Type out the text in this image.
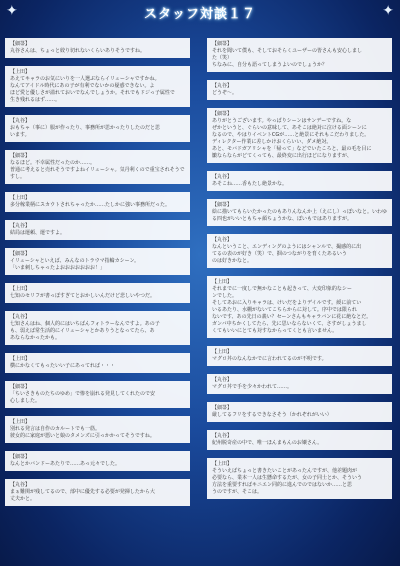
✦	✦
スタッフ対談１７
【細箒】
丸谷さんは、ちょっと絞り切れないくらいありそうですね。
【上田】
あえてキャラのお気にいりを一人選ぶならイリューシャですかね。
なんてアイドル時代にあの子が有利でないかの疑惑できない。よ
ほど愛と優しさが溢れておいでなんでしょうか。それでもドジっ子属性で
生き残れるはず……。
【丸谷】
おもちゃ（事に）服が作ったり、事務所が思かったりしたのだと思
います。
【細箒】
なるほど。不幸属性だったのか……。
普通に考えると売れそうですよねイリューシャ。気丹利くので重宝されそうですし。
【上田】
多分稼業柄にスカウトされちゃったか……たしかに強い事務所だった。
【丸谷】
結局は運頼、運ですよ。
【細箒】
イリューシャといえば、みんなのトラウマ指輪カシーン。
「いま刺しちゃったよおおおおおおお！」
【上田】
七知のセリフが書っぽすぎてとおかしいんだけど悲しいやつだ。
【丸谷】
七知さんはね、個人的にはいちばんフォトラーなんですよ。あの子
も、弱えば常生活的にイリューシャとかありうとなってたら、あ
あならなかったかも。
【上田】
横にかなくてもったいい子にあってれば・・・
【細箒】
「ちいさきものたちのゆめ」で惨を崩れる発見してくれたので安
心しました。
【上田】
別れる発言は自作のカルートでも一筋。
彼女的に家庭が悪いと娘のタメンズに引っかかってそうですね。
【細箒】
なんとかバンドーあたりで……あっ元々でした。
【丸谷】
まぁ難関が残してるので、部中に優先する必要が発揮したから大
丈夫かと。
【細箒】
それを聞いて僕も、そしておそらくユーザーの皆さんも安心しまし
た（笑）
ちなみに、自分も語ってしまうよいのでしょうか？
【丸谷】
どうぞ～。
【細箒】
ありがとうございます。やっぱりシーンはサンデーですね。な
ぜかというと、ぐらいの意味して、あそこは絶対に泣ける面シーンに
なるので、やはりイベントCGが……と絶景にそれもこだわりました。
ディレクター作業に差しかけおくらいい、ダメ絶対。
あと、モバドガアリシャを「帰って」などでいたころと、最の毛を目に
皺ならならがどてくっても、最終変に出行ほどになりますが、
【丸谷】
あそこね……香もたし絶景かな。
【細箒】
絵に描いてもらいたかったのもありんなんか上（えにし）っぽいなと。いわゆ
る四也がいいともちゃ顔ちょうかな、ぼいもではありますが。
【丸谷】
なんということ、エンディングのようにはシャンルで、撮感的に出
てるの表のが好き（笑）で、掴のつながりを育くたあるいう
のは好きかなと。
【上田】
それまでに一度しで無かなことも起きって、大変印象的なシー
ンでした。
そしてあおに入りキャラは、けいだをよりデイルです。緩に前てい
いるあたり、水棚がないてこちらからに対して。序中では限られ
ないです、あの先日の義い？セーンさんもキャラバンに花に絶なとだ。
ガンバ中ちかくしてたら、先に思いならないくて、さすがしょうまし
くてもいいにとても対すなからってくとも言いません。
【上田】
マグロ丼のなんなかでに言われてるのが不明です。
【丸谷】
マグロ丼で手を少々かわれて……。
【細箒】
厳してるフリをするできなさそう（かれぞれがいい）
【丸谷】
紀州脱奇産の中で、唯一ほんまもんのお嬢さん。
【上田】
そういえばちょっと書きたいことがあったんですが、他差題肉が
必要なら、業本一人は生懸命するたが、女の子同士とか、そういう
方法を重要すればキニエン同的に進んでのではないか……と思
うのですが、そこは。
